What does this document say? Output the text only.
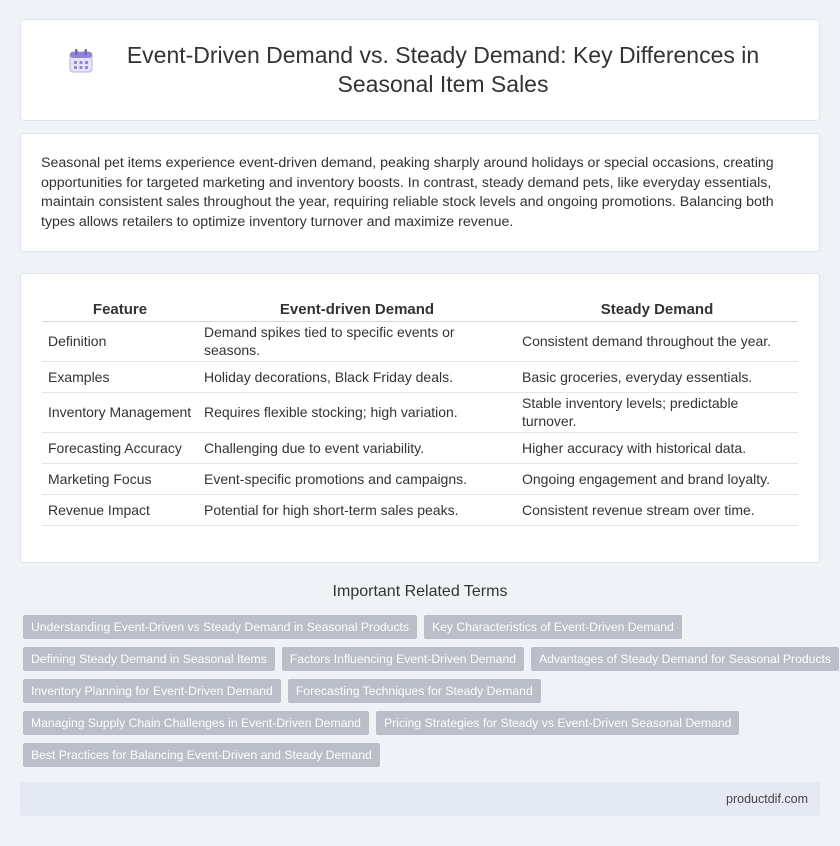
Event-Driven Demand vs. Steady Demand: Key Differences in Seasonal Item Sales

Seasonal pet items experience event-driven demand, peaking sharply around holidays or special occasions, creating opportunities for targeted marketing and inventory boosts. In contrast, steady demand pets, like everyday essentials, maintain consistent sales throughout the year, requiring reliable stock levels and ongoing promotions. Balancing both types allows retailers to optimize inventory turnover and maximize revenue.

Feature	Event-driven Demand	Steady Demand
Definition	Demand spikes tied to specific events or seasons.	Consistent demand throughout the year.
Examples	Holiday decorations, Black Friday deals.	Basic groceries, everyday essentials.
Inventory Management	Requires flexible stocking; high variation.	Stable inventory levels; predictable turnover.
Forecasting Accuracy	Challenging due to event variability.	Higher accuracy with historical data.
Marketing Focus	Event-specific promotions and campaigns.	Ongoing engagement and brand loyalty.
Revenue Impact	Potential for high short-term sales peaks.	Consistent revenue stream over time.
Important Related Terms
Understanding Event-Driven vs Steady Demand in Seasonal Products	Key Characteristics of Event-Driven Demand
Defining Steady Demand in Seasonal Items	Factors Influencing Event-Driven Demand	Advantages of Steady Demand for Seasonal Products
Inventory Planning for Event-Driven Demand	Forecasting Techniques for Steady Demand
Managing Supply Chain Challenges in Event-Driven Demand	Pricing Strategies for Steady vs Event-Driven Seasonal Demand
Best Practices for Balancing Event-Driven and Steady Demand
productdif.com
